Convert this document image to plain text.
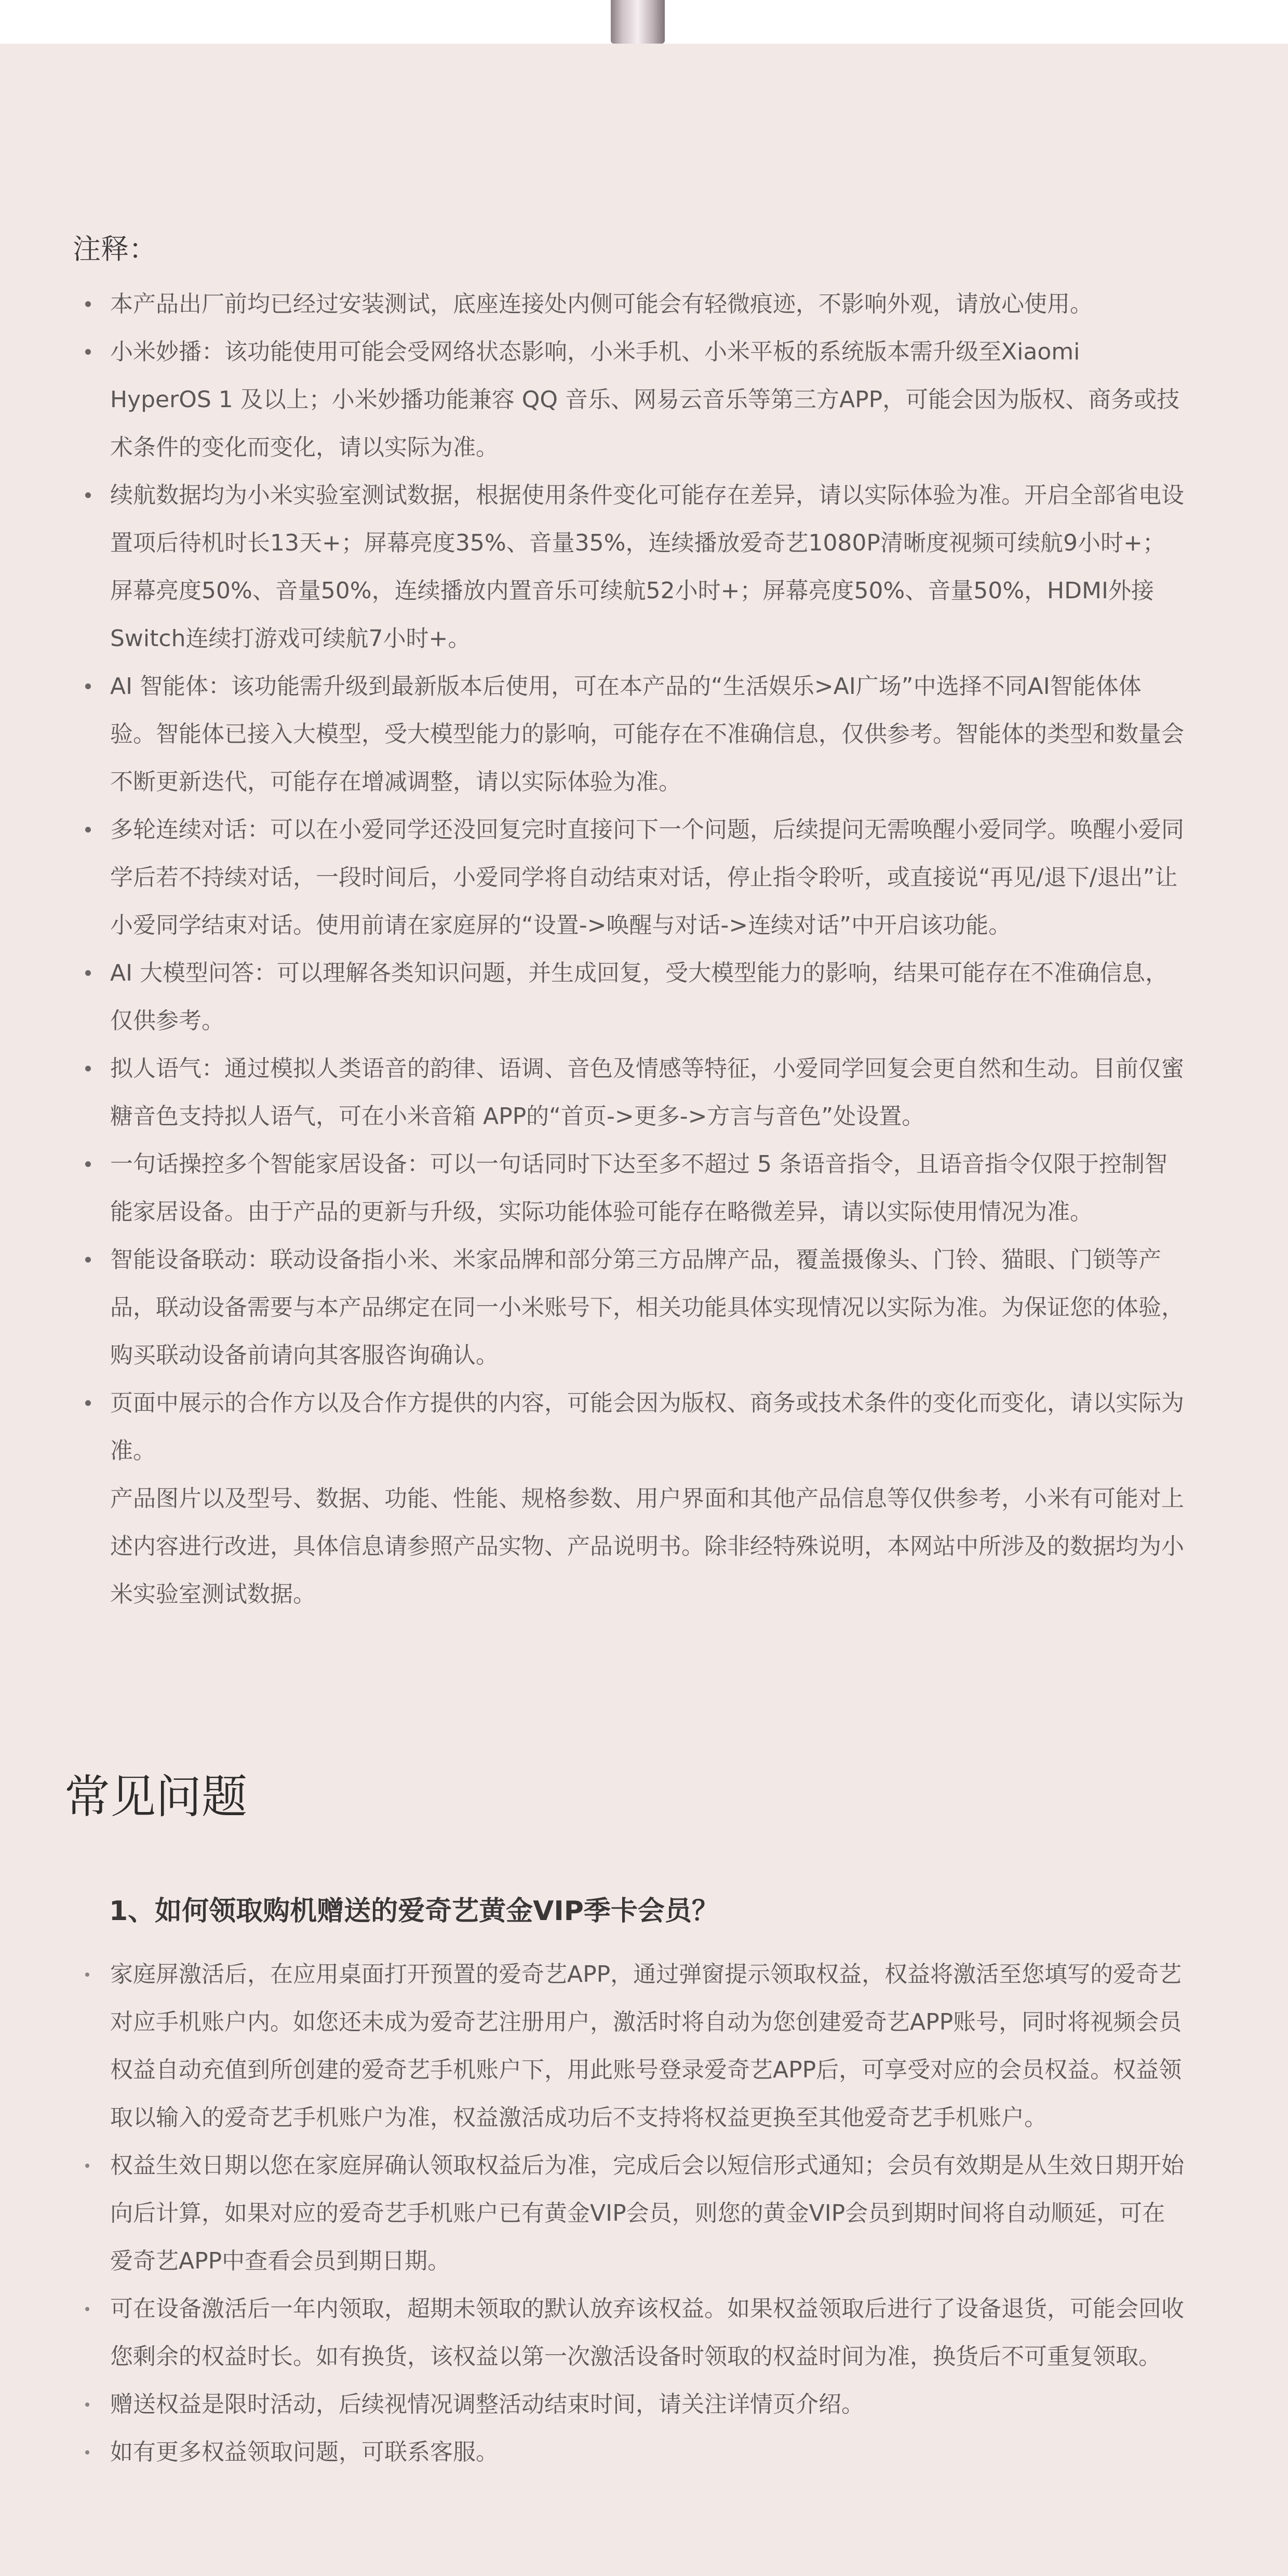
注释：
本产品出厂前均已经过安装测试，底座连接处内侧可能会有轻微痕迹，不影响外观，请放心使用。
小米妙播：该功能使用可能会受网络状态影响，小米手机、小米平板的系统版本需升级至Xiaomi HyperOS 1 及以上；小米妙播功能兼容 QQ 音乐、网易云音乐等第三方APP，可能会因为版权、商务或技术条件的变化而变化，请以实际为准。
续航数据均为小米实验室测试数据，根据使用条件变化可能存在差异，请以实际体验为准。开启全部省电设置项后待机时长13天+；屏幕亮度35%、音量35%，连续播放爱奇艺1080P清晰度视频可续航9小时+；屏幕亮度50%、音量50%，连续播放内置音乐可续航52小时+；屏幕亮度50%、音量50%，HDMI外接Switch连续打游戏可续航7小时+。
AI 智能体：该功能需升级到最新版本后使用，可在本产品的“生活娱乐>AI广场”中选择不同AI智能体体验。智能体已接入大模型，受大模型能力的影响，可能存在不准确信息，仅供参考。智能体的类型和数量会不断更新迭代，可能存在增减调整，请以实际体验为准。
多轮连续对话：可以在小爱同学还没回复完时直接问下一个问题，后续提问无需唤醒小爱同学。唤醒小爱同学后若不持续对话，一段时间后，小爱同学将自动结束对话，停止指令聆听，或直接说“再见/退下/退出”让小爱同学结束对话。使用前请在家庭屏的“设置->唤醒与对话->连续对话”中开启该功能。
AI 大模型问答：可以理解各类知识问题，并生成回复，受大模型能力的影响，结果可能存在不准确信息，仅供参考。
拟人语气：通过模拟人类语音的韵律、语调、音色及情感等特征，小爱同学回复会更自然和生动。目前仅蜜糖音色支持拟人语气，可在小米音箱 APP的“首页->更多->方言与音色”处设置。
一句话操控多个智能家居设备：可以一句话同时下达至多不超过 5 条语音指令，且语音指令仅限于控制智能家居设备。由于产品的更新与升级，实际功能体验可能存在略微差异，请以实际使用情况为准。
智能设备联动：联动设备指小米、米家品牌和部分第三方品牌产品，覆盖摄像头、门铃、猫眼、门锁等产品，联动设备需要与本产品绑定在同一小米账号下，相关功能具体实现情况以实际为准。为保证您的体验，购买联动设备前请向其客服咨询确认。
页面中展示的合作方以及合作方提供的内容，可能会因为版权、商务或技术条件的变化而变化，请以实际为准。
产品图片以及型号、数据、功能、性能、规格参数、用户界面和其他产品信息等仅供参考，小米有可能对上述内容进行改进，具体信息请参照产品实物、产品说明书。除非经特殊说明，本网站中所涉及的数据均为小米实验室测试数据。
常见问题
1、如何领取购机赠送的爱奇艺黄金VIP季卡会员？
家庭屏激活后，在应用桌面打开预置的爱奇艺APP，通过弹窗提示领取权益，权益将激活至您填写的爱奇艺对应手机账户内。如您还未成为爱奇艺注册用户，激活时将自动为您创建爱奇艺APP账号，同时将视频会员权益自动充值到所创建的爱奇艺手机账户下，用此账号登录爱奇艺APP后，可享受对应的会员权益。权益领取以输入的爱奇艺手机账户为准，权益激活成功后不支持将权益更换至其他爱奇艺手机账户。
权益生效日期以您在家庭屏确认领取权益后为准，完成后会以短信形式通知；会员有效期是从生效日期开始向后计算，如果对应的爱奇艺手机账户已有黄金VIP会员，则您的黄金VIP会员到期时间将自动顺延，可在爱奇艺APP中查看会员到期日期。
可在设备激活后一年内领取，超期未领取的默认放弃该权益。如果权益领取后进行了设备退货，可能会回收您剩余的权益时长。如有换货，该权益以第一次激活设备时领取的权益时间为准，换货后不可重复领取。
赠送权益是限时活动，后续视情况调整活动结束时间，请关注详情页介绍。
如有更多权益领取问题，可联系客服。
